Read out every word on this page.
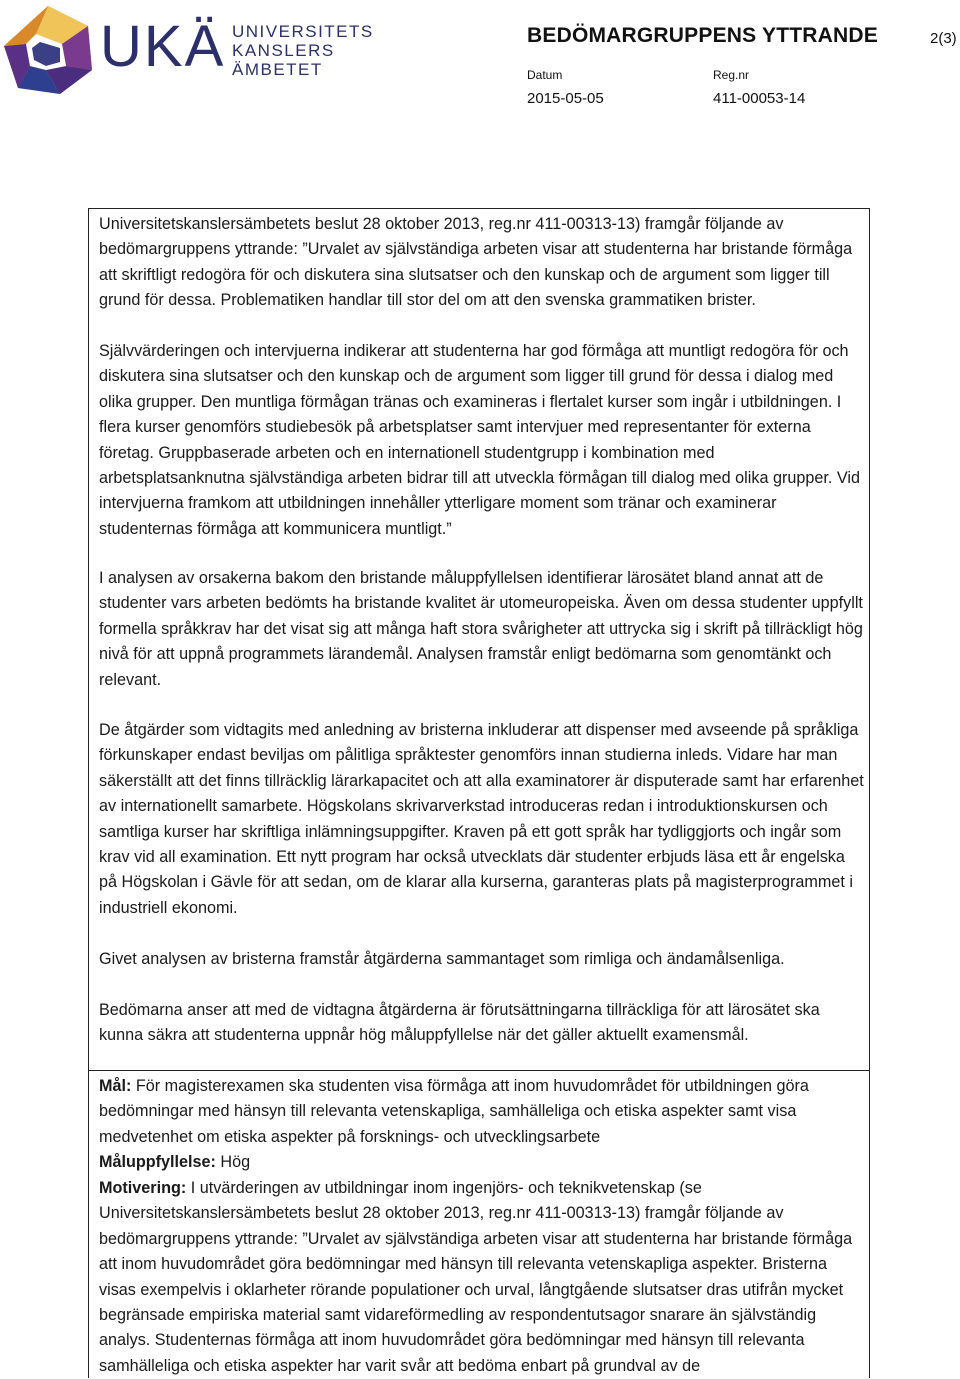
UKÄ UNIVERSITETS
KANSLERS
ÄMBETET
BEDÖMARGRUPPENS YTTRANDE	2(3)
Datum	Reg.nr
2015-05-05	411-00053-14
Universitetskanslersämbetets beslut 28 oktober 2013, reg.nr 411-00313-13) framgår följande av bedömargruppens yttrande: ”Urvalet av självständiga arbeten visar att studenterna har bristande förmåga att skriftligt redogöra för och diskutera sina slutsatser och den kunskap och de argument som ligger till grund för dessa. Problematiken handlar till stor del om att den svenska grammatiken brister.
Självvärderingen och intervjuerna indikerar att studenterna har god förmåga att muntligt redogöra för och diskutera sina slutsatser och den kunskap och de argument som ligger till grund för dessa i dialog med olika grupper. Den muntliga förmågan tränas och examineras i flertalet kurser som ingår i utbildningen. I flera kurser genomförs studiebesök på arbetsplatser samt intervjuer med representanter för externa företag. Gruppbaserade arbeten och en internationell studentgrupp i kombination med arbetsplatsanknutna självständiga arbeten bidrar till att utveckla förmågan till dialog med olika grupper. Vid intervjuerna framkom att utbildningen innehåller ytterligare moment som tränar och examinerar studenternas förmåga att kommunicera muntligt.”
I analysen av orsakerna bakom den bristande måluppfyllelsen identifierar lärosätet bland annat att de studenter vars arbeten bedömts ha bristande kvalitet är utomeuropeiska. Även om dessa studenter uppfyllt formella språkkrav har det visat sig att många haft stora svårigheter att uttrycka sig i skrift på tillräckligt hög nivå för att uppnå programmets lärandemål. Analysen framstår enligt bedömarna som genomtänkt och relevant.
De åtgärder som vidtagits med anledning av bristerna inkluderar att dispenser med avseende på språkliga förkunskaper endast beviljas om pålitliga språktester genomförs innan studierna inleds. Vidare har man säkerställt att det finns tillräcklig lärarkapacitet och att alla examinatorer är disputerade samt har erfarenhet av internationellt samarbete. Högskolans skrivarverkstad introduceras redan i introduktionskursen och samtliga kurser har skriftliga inlämningsuppgifter. Kraven på ett gott språk har tydliggjorts och ingår som krav vid all examination. Ett nytt program har också utvecklats där studenter erbjuds läsa ett år engelska på Högskolan i Gävle för att sedan, om de klarar alla kurserna, garanteras plats på magisterprogrammet i industriell ekonomi.
Givet analysen av bristerna framstår åtgärderna sammantaget som rimliga och ändamålsenliga.
Bedömarna anser att med de vidtagna åtgärderna är förutsättningarna tillräckliga för att lärosätet ska kunna säkra att studenterna uppnår hög måluppfyllelse när det gäller aktuellt examensmål.
Mål: För magisterexamen ska studenten visa förmåga att inom huvudområdet för utbildningen göra bedömningar med hänsyn till relevanta vetenskapliga, samhälleliga och etiska aspekter samt visa medvetenhet om etiska aspekter på forsknings- och utvecklingsarbete
Måluppfyllelse: Hög
Motivering: I utvärderingen av utbildningar inom ingenjörs- och teknikvetenskap (se Universitetskanslersämbetets beslut 28 oktober 2013, reg.nr 411-00313-13) framgår följande av bedömargruppens yttrande: ”Urvalet av självständiga arbeten visar att studenterna har bristande förmåga att inom huvudområdet göra bedömningar med hänsyn till relevanta vetenskapliga aspekter. Bristerna visas exempelvis i oklarheter rörande populationer och urval, långtgående slutsatser dras utifrån mycket begränsade empiriska material samt vidareförmedling av respondentutsagor snarare än självständig analys. Studenternas förmåga att inom huvudområdet göra bedömningar med hänsyn till relevanta samhälleliga och etiska aspekter har varit svår att bedöma enbart på grundval av de
